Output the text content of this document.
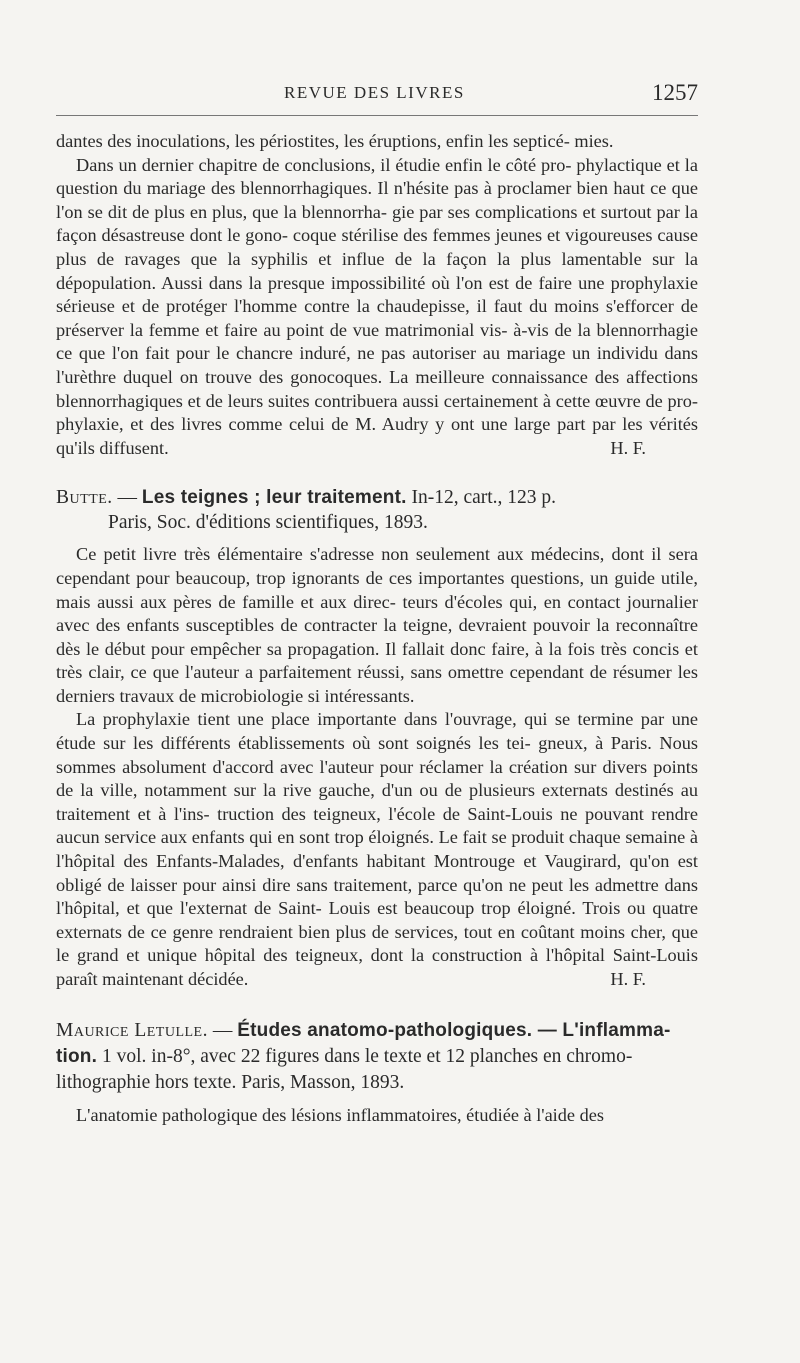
REVUE DES LIVRES	1257

dantes des inoculations, les périostites, les éruptions, enfin les septicé- mies.

Dans un dernier chapitre de conclusions, il étudie enfin le côté pro- phylactique et la question du mariage des blennorrhagiques. Il n'hésite pas à proclamer bien haut ce que l'on se dit de plus en plus, que la blennorrha- gie par ses complications et surtout par la façon désastreuse dont le gono- coque stérilise des femmes jeunes et vigoureuses cause plus de ravages que la syphilis et influe de la façon la plus lamentable sur la dépopulation. Aussi dans la presque impossibilité où l'on est de faire une prophylaxie sérieuse et de protéger l'homme contre la chaudepisse, il faut du moins s'efforcer de préserver la femme et faire au point de vue matrimonial vis- à-vis de la blennorrhagie ce que l'on fait pour le chancre induré, ne pas autoriser au mariage un individu dans l'urèthre duquel on trouve des gonocoques. La meilleure connaissance des affections blennorrhagiques et de leurs suites contribuera aussi certainement à cette œuvre de pro- phylaxie, et des livres comme celui de M. Audry y ont une large part par les vérités qu'ils diffusent.	H. F.

Butte. — Les teignes ; leur traitement. In-12, cart., 123 p.
Paris, Soc. d'éditions scientifiques, 1893.

Ce petit livre très élémentaire s'adresse non seulement aux médecins, dont il sera cependant pour beaucoup, trop ignorants de ces importantes questions, un guide utile, mais aussi aux pères de famille et aux direc- teurs d'écoles qui, en contact journalier avec des enfants susceptibles de contracter la teigne, devraient pouvoir la reconnaître dès le début pour empêcher sa propagation. Il fallait donc faire, à la fois très concis et très clair, ce que l'auteur a parfaitement réussi, sans omettre cependant de résumer les derniers travaux de microbiologie si intéressants.

La prophylaxie tient une place importante dans l'ouvrage, qui se termine par une étude sur les différents établissements où sont soignés les tei- gneux, à Paris. Nous sommes absolument d'accord avec l'auteur pour réclamer la création sur divers points de la ville, notamment sur la rive gauche, d'un ou de plusieurs externats destinés au traitement et à l'ins- truction des teigneux, l'école de Saint-Louis ne pouvant rendre aucun service aux enfants qui en sont trop éloignés. Le fait se produit chaque semaine à l'hôpital des Enfants-Malades, d'enfants habitant Montrouge et Vaugirard, qu'on est obligé de laisser pour ainsi dire sans traitement, parce qu'on ne peut les admettre dans l'hôpital, et que l'externat de Saint- Louis est beaucoup trop éloigné. Trois ou quatre externats de ce genre rendraient bien plus de services, tout en coûtant moins cher, que le grand et unique hôpital des teigneux, dont la construction à l'hôpital Saint-Louis paraît maintenant décidée.	H. F.

Maurice Letulle. — Études anatomo-pathologiques. — L'inflamma- tion. 1 vol. in-8°, avec 22 figures dans le texte et 12 planches en chromo-lithographie hors texte. Paris, Masson, 1893.

L'anatomie pathologique des lésions inflammatoires, étudiée à l'aide des
